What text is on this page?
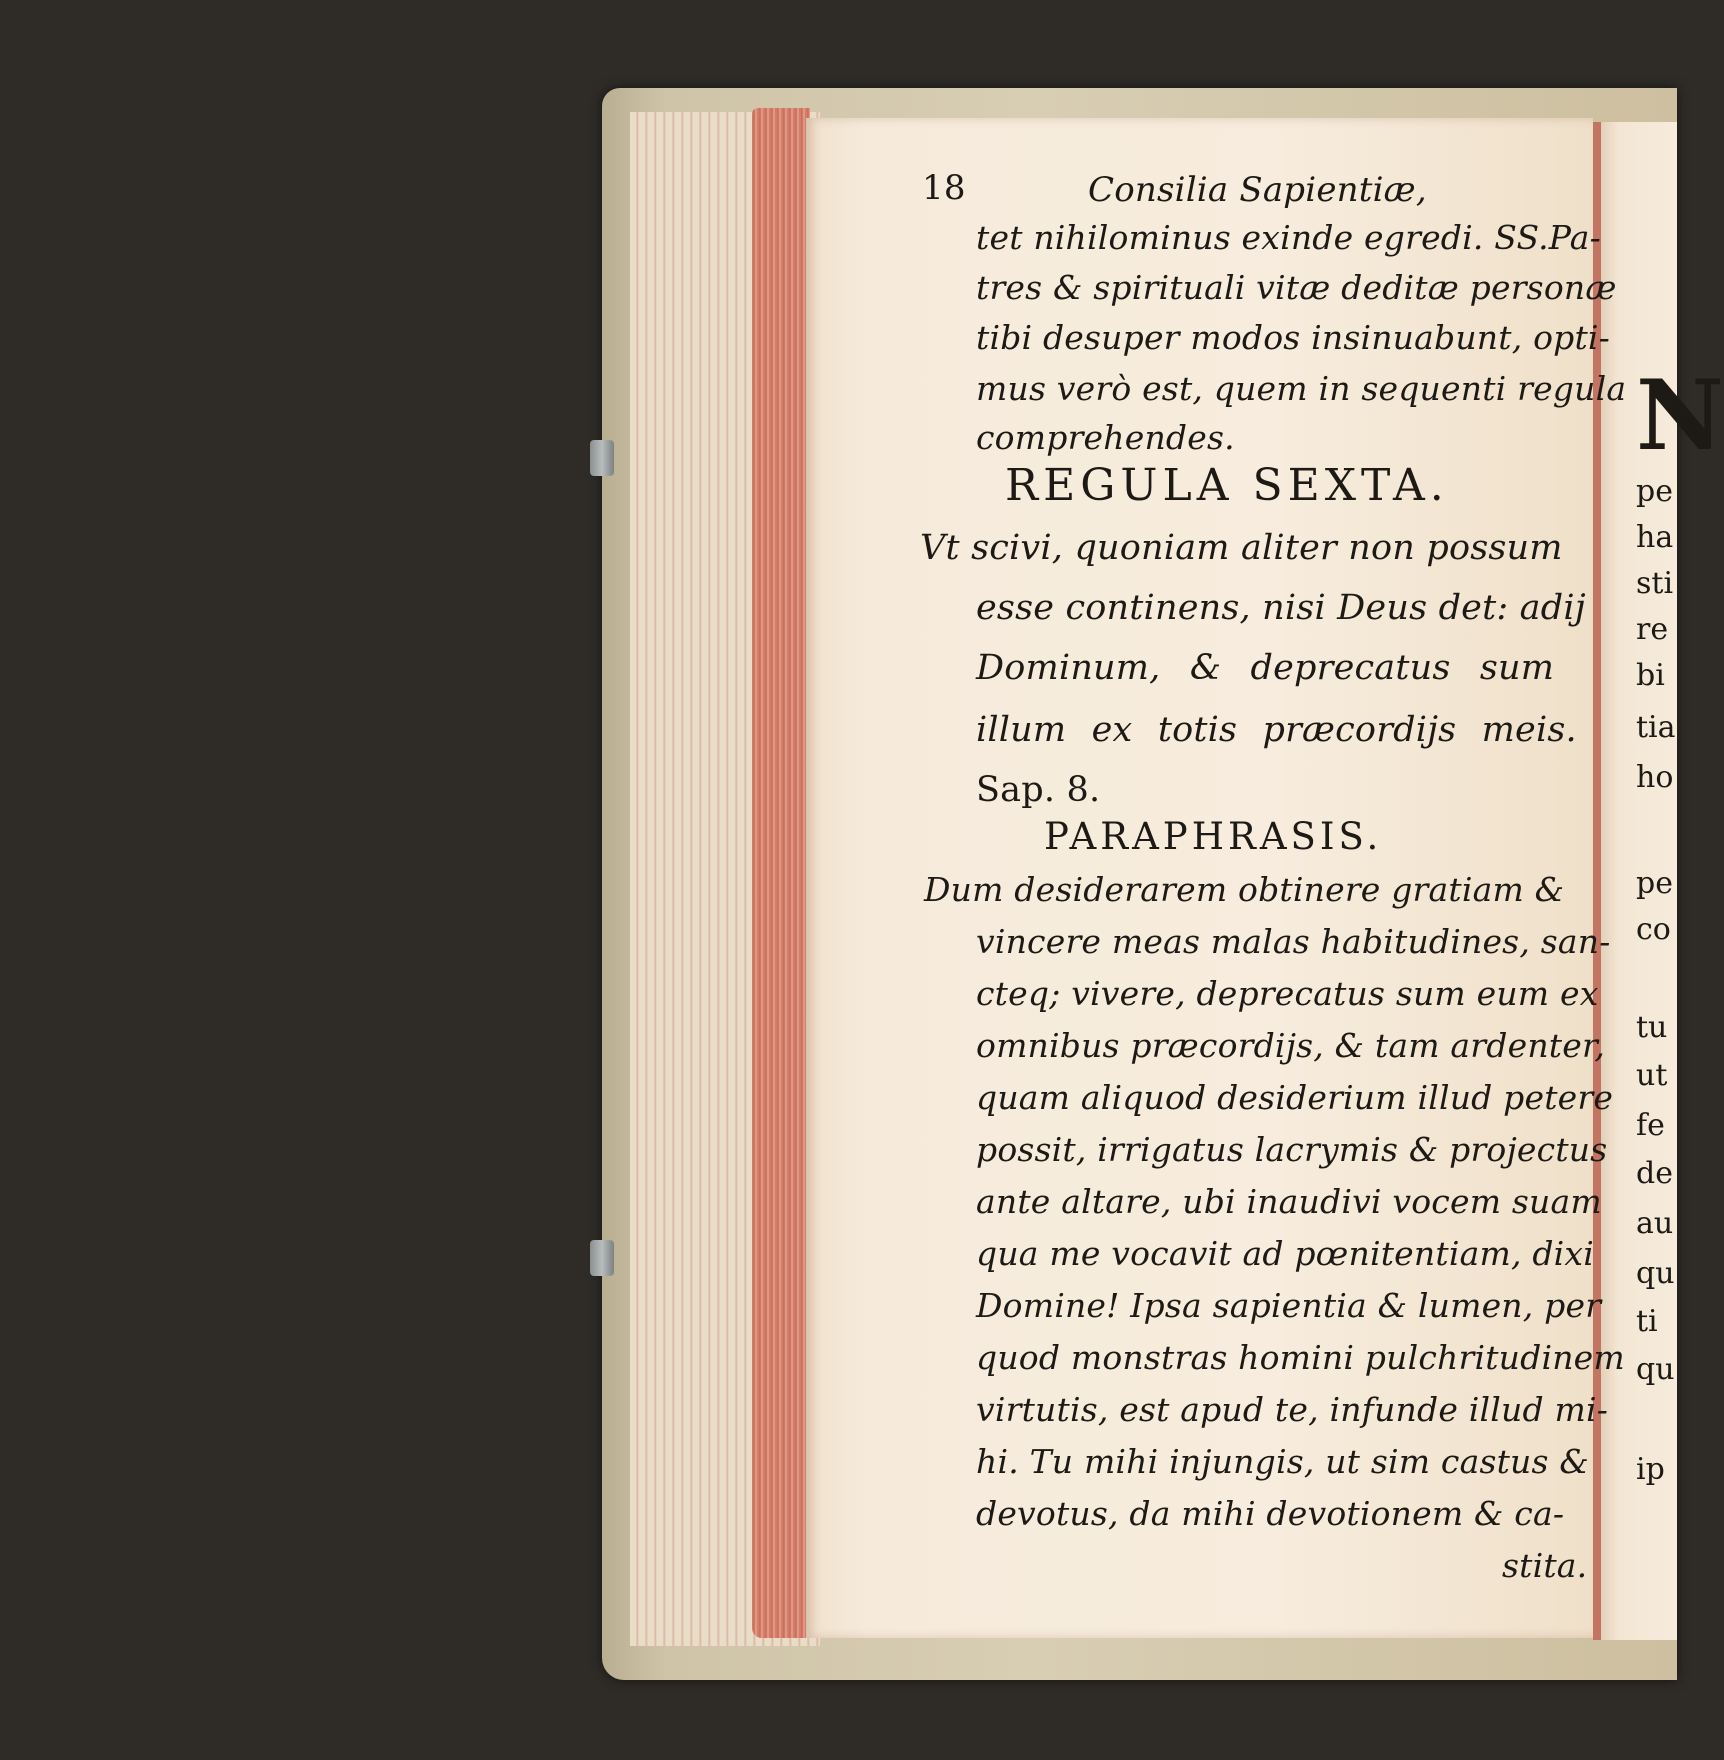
18	Consilia Sapientiæ,
tet nihilominus exinde egredi. SS.Pa-
tres & spirituali vitæ deditæ personæ
tibi desuper modos insinuabunt, opti-
mus verò est, quem in sequenti regula
comprehendes.
REGULA SEXTA.
Vt scivi, quoniam aliter non possum
esse continens, nisi Deus det: adij
Dominum, & deprecatus sum
illum ex totis præcordijs meis.
Sap. 8.
PARAPHRASIS.
Dum desiderarem obtinere gratiam &
vincere meas malas habitudines, san-
cteq; vivere, deprecatus sum eum ex
omnibus præcordijs, & tam ardenter,
quam aliquod desiderium illud petere
possit, irrigatus lacrymis & projectus
ante altare, ubi inaudivi vocem suam
qua me vocavit ad pœnitentiam, dixi
Domine! Ipsa sapientia & lumen, per
quod monstras homini pulchritudinem
virtutis, est apud te, infunde illud mi-
hi. Tu mihi injungis, ut sim castus &
devotus, da mihi devotionem & ca-
stita.
N
pe
ha
sti
re
bi
tia
ho
pe
co
tu
ut
fe
de
au
qu
ti
qu
ip
